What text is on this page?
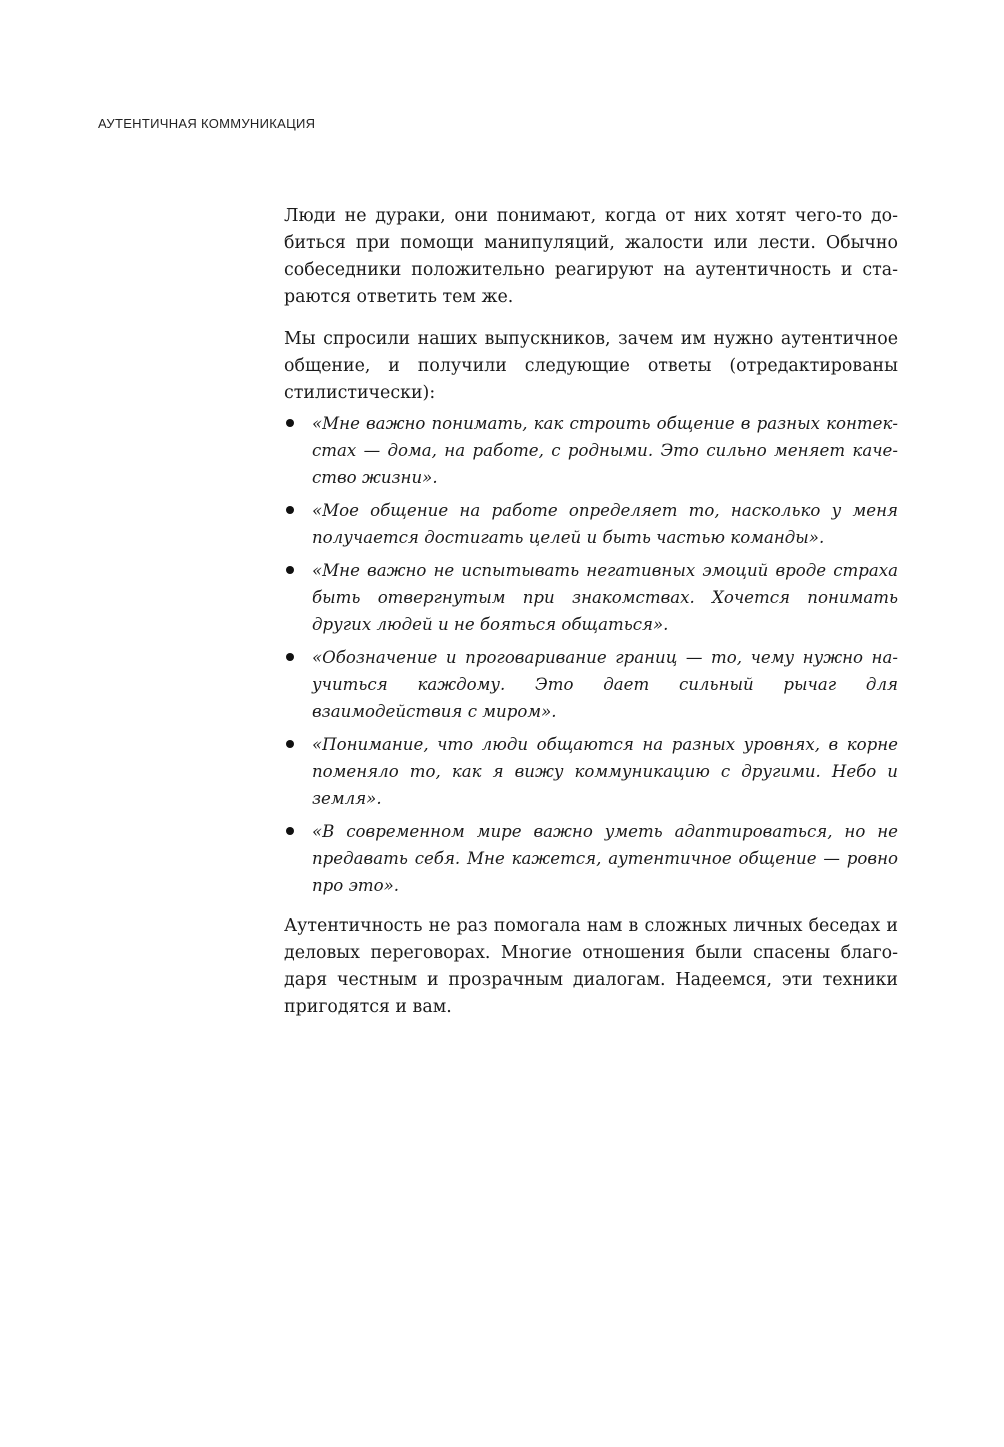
АУТЕНТИЧНАЯ КОММУНИКАЦИЯ

Люди не дураки, они понимают, когда от них хотят чего-то добиться при помощи манипуляций, жалости или лести. Обычно собеседники положительно реагируют на аутентичность и стараются ответить тем же.

Мы спросили наших выпускников, зачем им нужно аутентичное общение, и получили следующие ответы (отредактированы стилистически):

«Мне важно понимать, как строить общение в разных контекстах — дома, на работе, с родными. Это сильно меняет качество жизни».
«Мое общение на работе определяет то, насколько у меня получается достигать целей и быть частью команды».
«Мне важно не испытывать негативных эмоций вроде страха быть отвергнутым при знакомствах. Хочется понимать других людей и не бояться общаться».
«Обозначение и проговаривание границ — то, чему нужно научиться каждому. Это дает сильный рычаг для взаимодействия с миром».
«Понимание, что люди общаются на разных уровнях, в корне поменяло то, как я вижу коммуникацию с другими. Небо и земля».
«В современном мире важно уметь адаптироваться, но не предавать себя. Мне кажется, аутентичное общение — ровно про это».

Аутентичность не раз помогала нам в сложных личных беседах и деловых переговорах. Многие отношения были спасены благодаря честным и прозрачным диалогам. Надеемся, эти техники пригодятся и вам.
